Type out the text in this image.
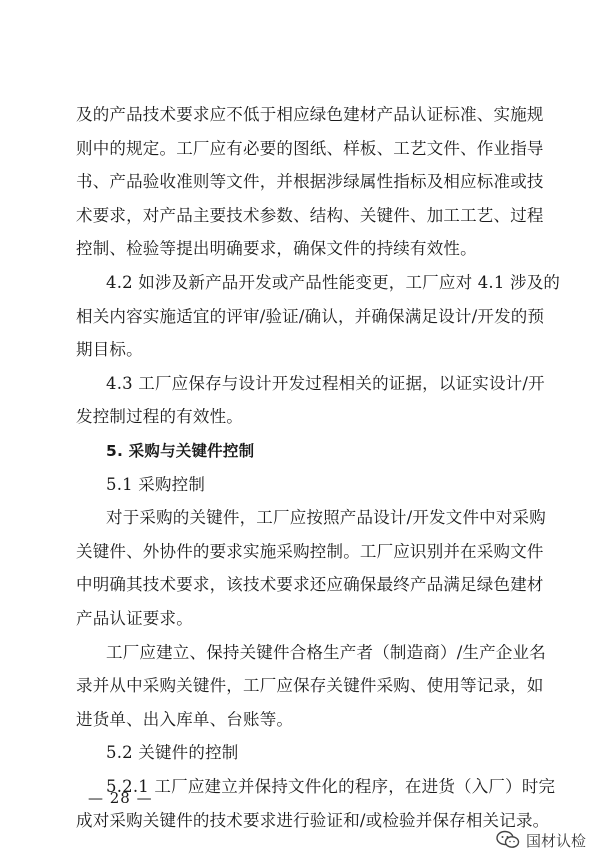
及的产品技术要求应不低于相应绿色建材产品认证标准、实施规
则中的规定。工厂应有必要的图纸、样板、工艺文件、作业指导
书、产品验收准则等文件，并根据涉绿属性指标及相应标准或技
术要求，对产品主要技术参数、结构、关键件、加工工艺、过程
控制、检验等提出明确要求，确保文件的持续有效性。
4.2 如涉及新产品开发或产品性能变更，工厂应对 4.1 涉及的
相关内容实施适宜的评审/验证/确认，并确保满足设计/开发的预
期目标。
4.3 工厂应保存与设计开发过程相关的证据，以证实设计/开
发控制过程的有效性。
5. 采购与关键件控制
5.1 采购控制
对于采购的关键件，工厂应按照产品设计/开发文件中对采购
关键件、外协件的要求实施采购控制。工厂应识别并在采购文件
中明确其技术要求，该技术要求还应确保最终产品满足绿色建材
产品认证要求。
工厂应建立、保持关键件合格生产者（制造商）/生产企业名
录并从中采购关键件，工厂应保存关键件采购、使用等记录，如
进货单、出入库单、台账等。
5.2 关键件的控制
5.2.1 工厂应建立并保持文件化的程序，在进货（入厂）时完
成对采购关键件的技术要求进行验证和/或检验并保存相关记录。
— 28 —
国材认检
